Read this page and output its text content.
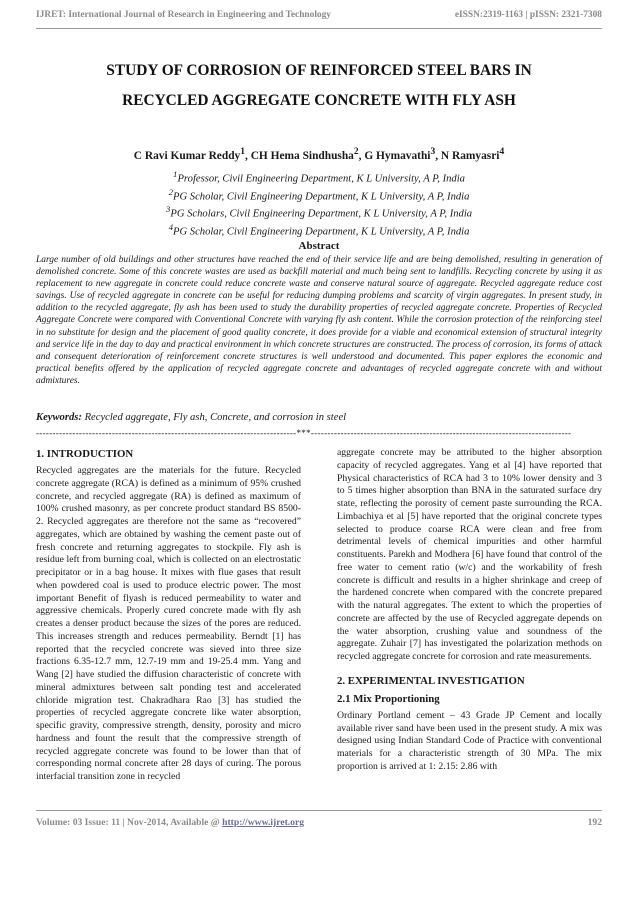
IJRET: International Journal of Research in Engineering and Technology	eISSN:2319-1163 | pISSN: 2321-7308
STUDY OF CORROSION OF REINFORCED STEEL BARS IN
RECYCLED AGGREGATE CONCRETE WITH FLY ASH
C Ravi Kumar Reddy$^1$, CH Hema Sindhusha$^2$, G Hymavathi$^3$, N Ramyasri$^4$
$^1$Professor, Civil Engineering Department, K L University, A P, India
$^2$PG Scholar, Civil Engineering Department, K L University, A P, India
$^3$PG Scholars, Civil Engineering Department, K L University, A P, India
$^4$PG Scholar, Civil Engineering Department, K L University, A P, India
Abstract
Large number of old buildings and other structures have reached the end of their service life and are being demolished, resulting in generation of demolished concrete. Some of this concrete wastes are used as backfill material and much being sent to landfills. Recycling concrete by using it as replacement to new aggregate in concrete could reduce concrete waste and conserve natural source of aggregate. Recycled aggregate reduce cost savings. Use of recycled aggregate in concrete can be useful for reducing dumping problems and scarcity of virgin aggregates. In present study, in addition to the recycled aggregate, fly ash has been used to study the durability properties of recycled aggregate concrete. Properties of Recycled Aggregate Concrete were compared with Conventional Concrete with varying fly ash content. While the corrosion protection of the reinforcing steel in no substitute for design and the placement of good quality concrete, it does provide for a viable and economical extension of structural integrity and service life in the day to day and practical environment in which concrete structures are constructed. The process of corrosion, its forms of attack and consequent deterioration of reinforcement concrete structures is well understood and documented. This paper explores the economic and practical benefits offered by the application of recycled aggregate concrete and advantages of recycled aggregate concrete with and without admixtures.
Keywords: Recycled aggregate, Fly ash, Concrete, and corrosion in steel
-------------------------------------------------------------------------------***-------------------------------------------------------------------------------
1. INTRODUCTION

Recycled aggregates are the materials for the future. Recycled concrete aggregate (RCA) is defined as a minimum of 95% crushed concrete, and recycled aggregate (RA) is defined as maximum of 100% crushed masonry, as per concrete product standard BS 8500-2. Recycled aggregates are therefore not the same as “recovered” aggregates, which are obtained by washing the cement paste out of fresh concrete and returning aggregates to stockpile. Fly ash is residue left from burning coal, which is collected on an electrostatic precipitator or in a bag house. It mixes with flue gases that result when powdered coal is used to produce electric power. The most important Benefit of flyash is reduced permeability to water and aggressive chemicals. Properly cured concrete made with fly ash creates a denser product because the sizes of the pores are reduced. This increases strength and reduces permeability. Berndt [1] has reported that the recycled concrete was sieved into three size fractions 6.35-12.7 mm, 12.7-19 mm and 19-25.4 mm. Yang and Wang [2] have studied the diffusion characteristic of concrete with mineral admixtures between salt ponding test and accelerated chloride migration test. Chakradhara Rao [3] has studied the properties of recycled aggregate concrete like water absorption, specific gravity, compressive strength, density, porosity and micro hardness and fount the result that the compressive strength of recycled aggregate concrete was found to be lower than that of corresponding normal concrete after 28 days of curing. The porous interfacial transition zone in recycled

aggregate concrete may be attributed to the higher absorption capacity of recycled aggregates. Yang et al [4] have reported that Physical characteristics of RCA had 3 to 10% lower density and 3 to 5 times higher absorption than BNA in the saturated surface dry state, reflecting the porosity of cement paste surrounding the RCA. Limbachiya et al [5] have reported that the original concrete types selected to produce coarse RCA were clean and free from detrimental levels of chemical impurities and other harmful constituents. Parekh and Modhera [6] have found that control of the free water to cement ratio (w/c) and the workability of fresh concrete is difficult and results in a higher shrinkage and creep of the hardened concrete when compared with the concrete prepared with the natural aggregates. The extent to which the properties of concrete are affected by the use of Recycled aggregate depends on the water absorption, crushing value and soundness of the aggregate. Zuhair [7] has investigated the polarization methods on recycled aggregate concrete for corrosion and rate measurements.

2. EXPERIMENTAL INVESTIGATION
2.1 Mix Proportioning

Ordinary Portland cement – 43 Grade JP Cement and locally available river sand have been used in the present study. A mix was designed using Indian Standard Code of Practice with conventional materials for a characteristic strength of 30 MPa. The mix proportion is arrived at 1: 2.15: 2.86 with

Volume: 03 Issue: 11 | Nov-2014, Available @ http://www.ijret.org	192
